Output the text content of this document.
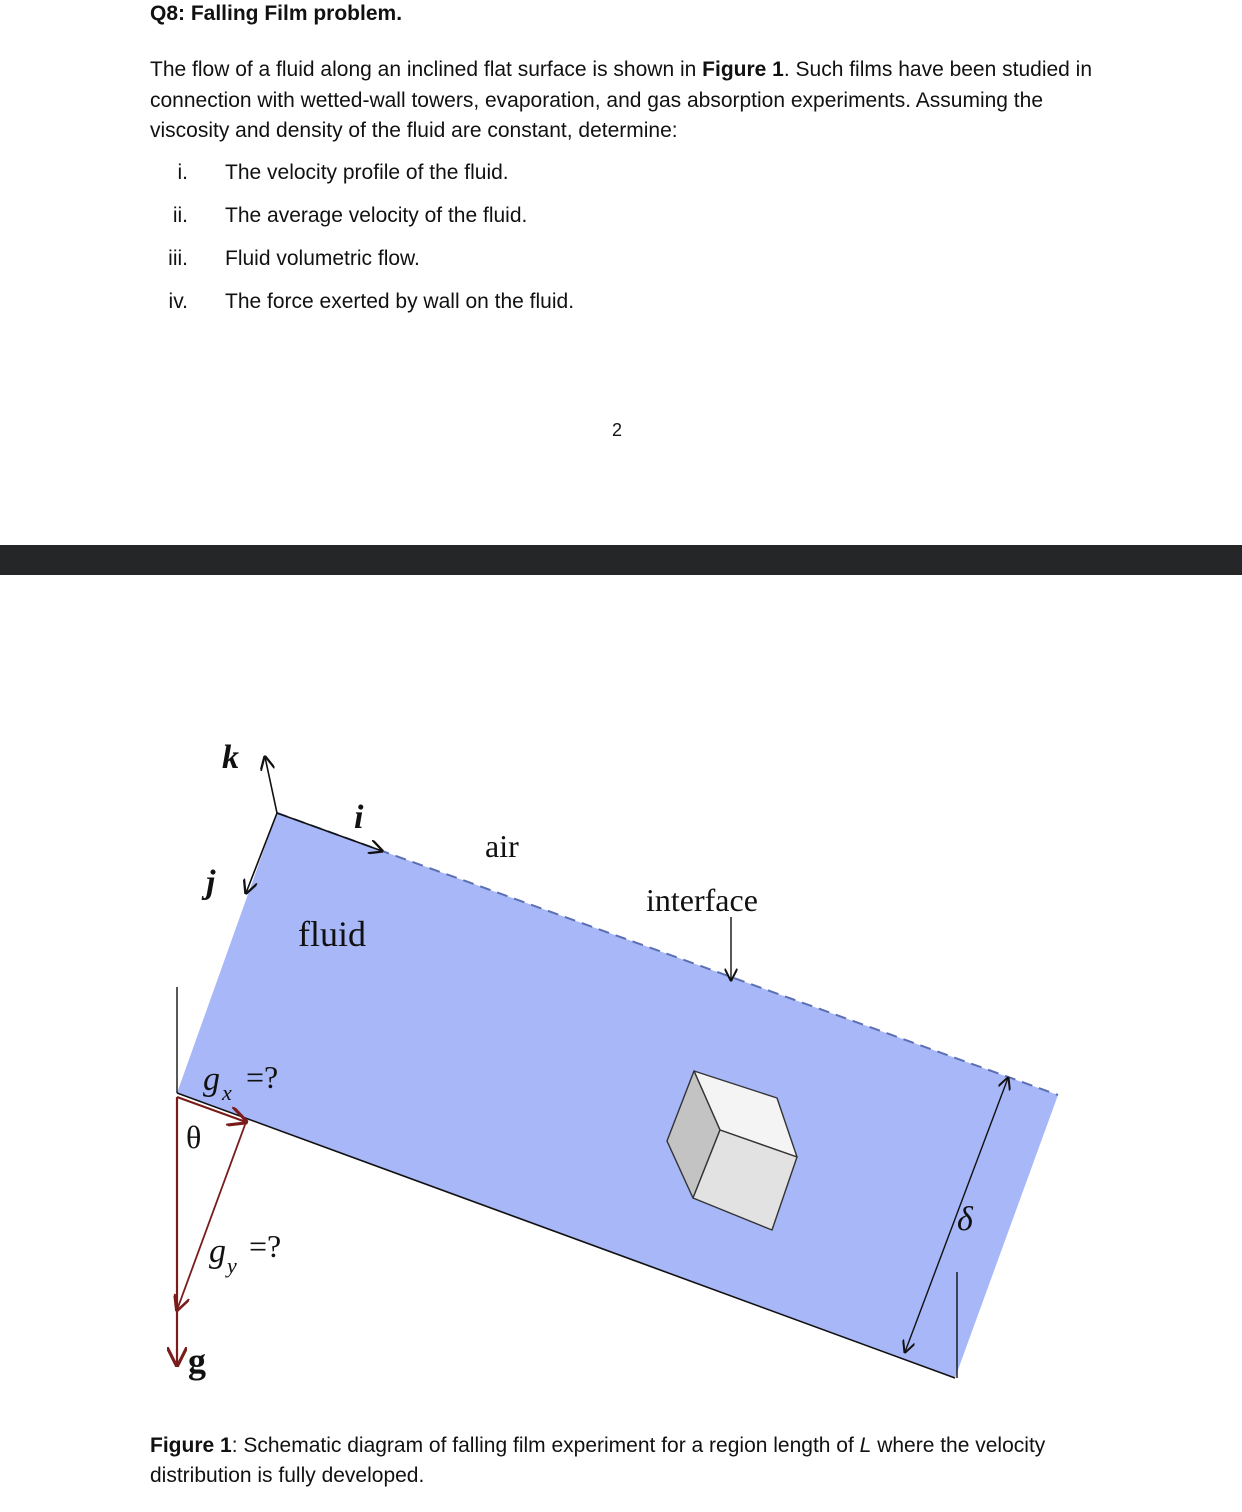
Q8: Falling Film problem.

The flow of a fluid along an inclined flat surface is shown in Figure 1. Such films have been studied in connection with wetted-wall towers, evaporation, and gas absorption experiments. Assuming the viscosity and density of the fluid are constant, determine:

i. The velocity profile of the fluid.
ii. The average velocity of the fluid.
iii. Fluid volumetric flow.
iv. The force exerted by wall on the fluid.
2
k
i
j
air
interface
fluid
g x =?
θ
g y
=?
g
δ

Figure 1: Schematic diagram of falling film experiment for a region length of L where the velocity distribution is fully developed.
